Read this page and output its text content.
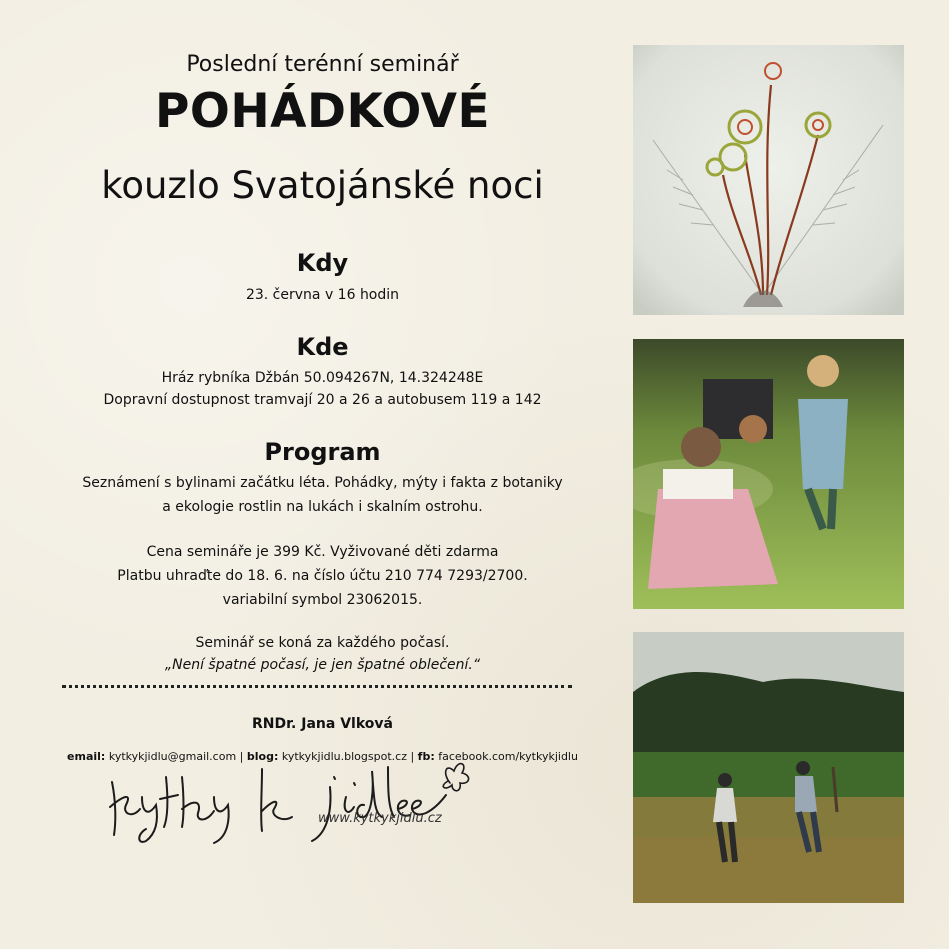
Poslední terénní seminář
POHÁDKOVÉ
kouzlo Svatojánské noci
Kdy
23. června v 16 hodin
Kde
Hráz rybníka Džbán 50.094267N, 14.324248E
Dopravní dostupnost tramvají 20 a 26 a autobusem 119 a 142
Program
Seznámení s bylinami začátku léta. Pohádky, mýty i fakta z botaniky
a ekologie rostlin na lukách i skalním ostrohu.
Cena semináře je 399 Kč. Vyživované děti zdarma
Platbu uhraďte do 18. 6. na číslo účtu 210 774 7293/2700.
variabilní symbol 23062015.
Seminář se koná za každého počasí.
„Není špatné počasí, je jen špatné oblečení.“
RNDr. Jana Vlková
email: kytkykjidlu@gmail.com | blog: kytkykjidlu.blogspot.cz | fb: facebook.com/kytkykjidlu
www.kytkykjidlu.cz
